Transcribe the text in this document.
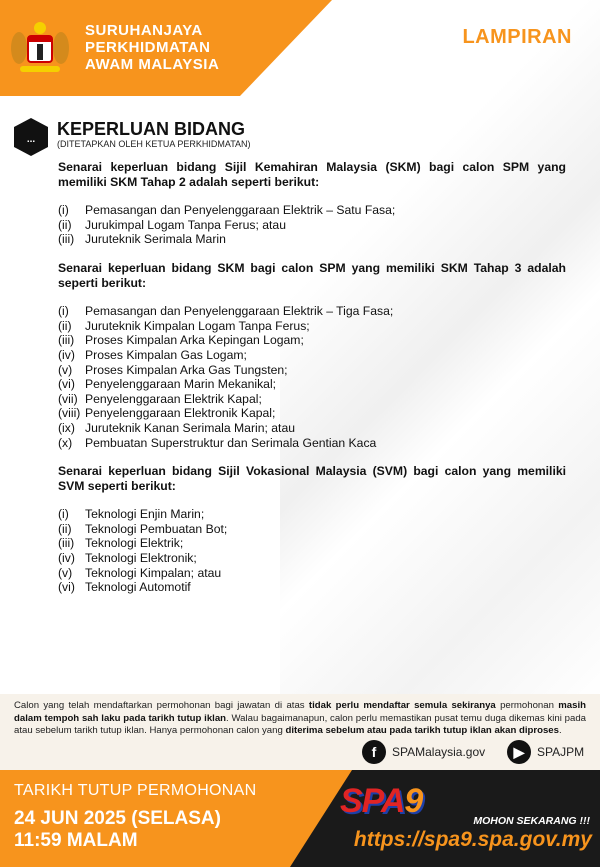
SURUHANJAYA
PERKHIDMATAN
AWAM MALAYSIA
LAMPIRAN
...
KEPERLUAN BIDANG
(DITETAPKAN OLEH KETUA PERKHIDMATAN)
Senarai keperluan bidang Sijil Kemahiran Malaysia (SKM) bagi calon SPM yang memiliki SKM Tahap 2 adalah seperti berikut:
(i)	Pemasangan dan Penyelenggaraan Elektrik – Satu Fasa;
(ii)	Jurukimpal Logam Tanpa Ferus; atau
(iii) Juruteknik Serimala Marin
Senarai keperluan bidang SKM bagi calon SPM yang memiliki SKM Tahap 3 adalah seperti berikut:
(i)	Pemasangan dan Penyelenggaraan Elektrik – Tiga Fasa;
(ii)	Juruteknik Kimpalan Logam Tanpa Ferus;
(iii) Proses Kimpalan Arka Kepingan Logam;
(iv) Proses Kimpalan Gas Logam;
(v)	Proses Kimpalan Arka Gas Tungsten;
(vi) Penyelenggaraan Marin Mekanikal;
(vii) Penyelenggaraan Elektrik Kapal;
(viii) Penyelenggaraan Elektronik Kapal;
(ix) Juruteknik Kanan Serimala Marin; atau
(x)	Pembuatan Superstruktur dan Serimala Gentian Kaca
Senarai keperluan bidang Sijil Vokasional Malaysia (SVM) bagi calon yang memiliki SVM seperti berikut:
(i)	Teknologi Enjin Marin;
(ii)	Teknologi Pembuatan Bot;
(iii) Teknologi Elektrik;
(iv) Teknologi Elektronik;
(v)	Teknologi Kimpalan; atau
(vi) Teknologi Automotif
Calon yang telah mendaftarkan permohonan bagi jawatan di atas tidak perlu mendaftar semula sekiranya permohonan masih dalam tempoh sah laku pada tarikh tutup iklan. Walau bagaimanapun, calon perlu memastikan pusat temu duga dikemas kini pada atau sebelum tarikh tutup iklan. Hanya permohonan calon yang diterima sebelum atau pada tarikh tutup iklan akan diproses.
f	SPAMalaysia.gov	▶	SPAJPM
TARIKH TUTUP PERMOHONAN
24 JUN 2025 (SELASA)
11:59 MALAM
SPA9
MOHON SEKARANG !!!
https://spa9.spa.gov.my
